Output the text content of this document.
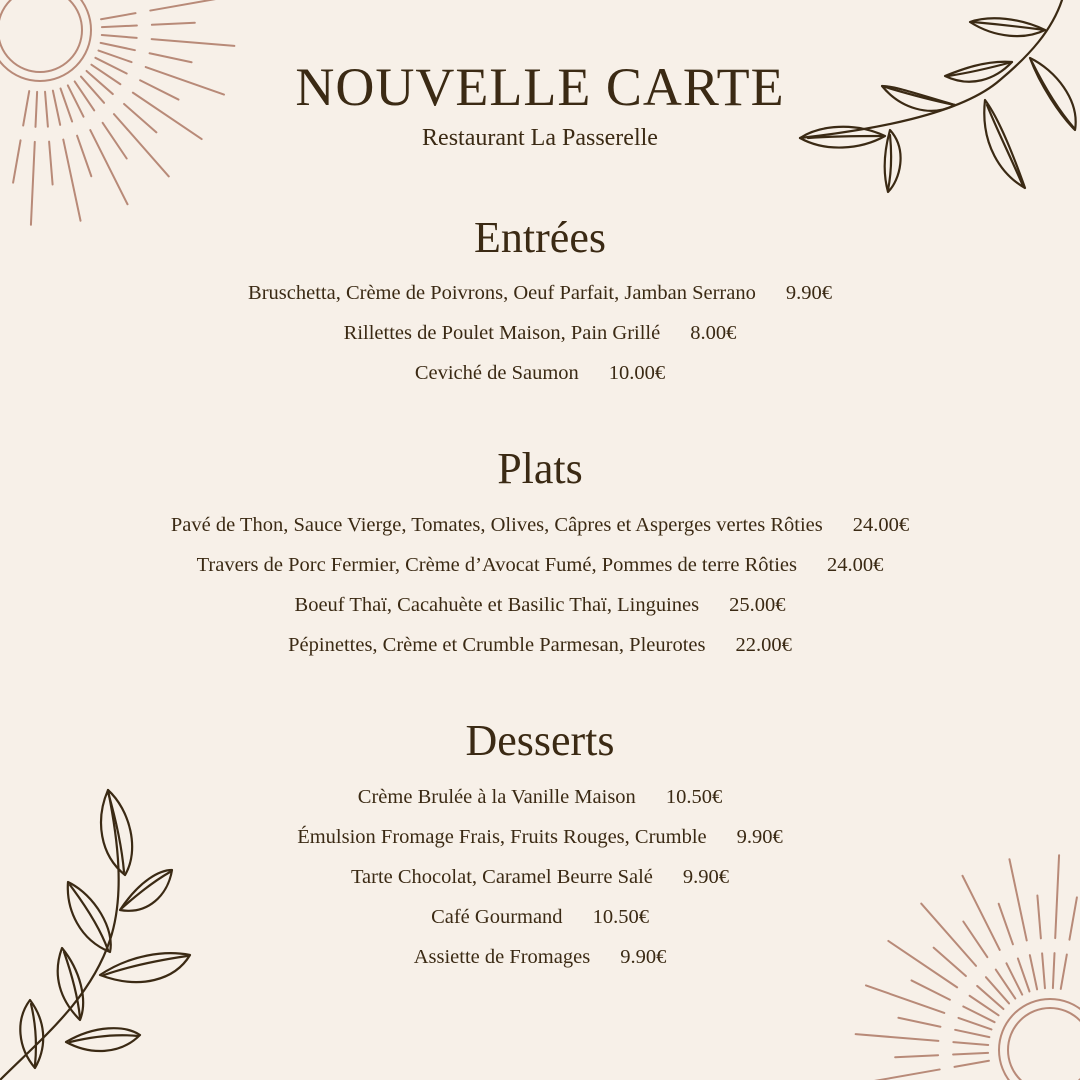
NOUVELLE CARTE
Restaurant La Passerelle
Entrées
Bruschetta, Crème de Poivrons, Oeuf Parfait, Jamban Serrano 9.90€
Rillettes de Poulet Maison, Pain Grillé 8.00€
Ceviché de Saumon 10.00€
Plats
Pavé de Thon, Sauce Vierge, Tomates, Olives, Câpres et Asperges vertes Rôties 24.00€
Travers de Porc Fermier, Crème d’Avocat Fumé, Pommes de terre Rôties 24.00€
Boeuf Thaï, Cacahuète et Basilic Thaï, Linguines 25.00€
Pépinettes, Crème et Crumble Parmesan, Pleurotes 22.00€
Desserts
Crème Brulée à la Vanille Maison 10.50€
Émulsion Fromage Frais, Fruits Rouges, Crumble 9.90€
Tarte Chocolat, Caramel Beurre Salé 9.90€
Café Gourmand 10.50€
Assiette de Fromages 9.90€
